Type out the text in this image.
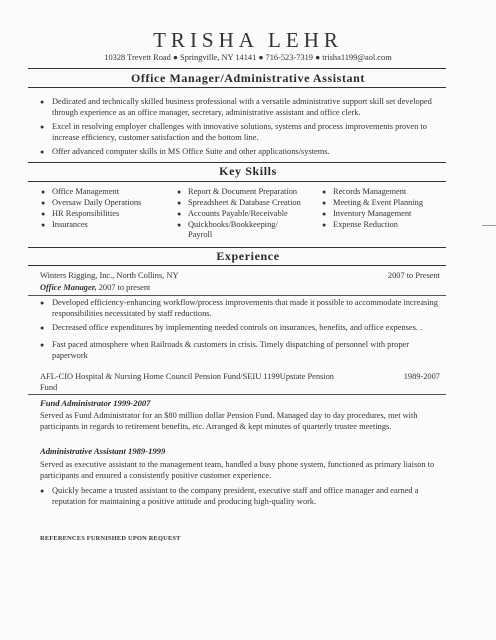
TRISHA LEHR
10328 Trevett Road ● Springville, NY 14141 ● 716-523-7319 ● trisha1199@aol.com
Office Manager/Administrative Assistant
● Dedicated and technically skilled business professional with a versatile administrative support skill set developed through experience as an office manager, secretary, administrative assistant and office clerk.
● Excel in resolving employer challenges with innovative solutions, systems and process improvements proven to increase efficiency, customer satisfaction and the bottom line.
● Offer advanced computer skills in MS Office Suite and other applications/systems.
Key Skills
● Office Management
● Oversaw Daily Operations
● HR Responsibilities
● Insurances
● Report & Document Preparation
● Spreadsheet & Database Creation
● Accounts Payable/Receivable
● Quickbooks/Bookkeeping/ Payroll
● Records Management
● Meeting & Event Planning
● Inventory Management
● Expense Reduction
Experience
Winters Rigging, Inc., North Collins, NY	2007 to Present
Office Manager, 2007 to present
● Developed efficiency-enhancing workflow/process improvements that made it possible to accommodate increasing responsibilities necessitated by staff reductions.
● Decreased office expenditures by implementing needed controls on insurances, benefits, and office expenses. .
● Fast paced atmosphere when Railroads & customers in crisis. Timely dispatching of personnel with proper paperwork
AFL-CIO Hospital & Nursing Home Council Pension Fund/SEIU 1199Upstate Pension Fund
1989-2007
Fund Administrator 1999-2007
Served as Fund Administrator for an $80 million dollar Pension Fund. Managed day to day procedures, met with participants in regards to retirement benefits, etc. Arranged & kept minutes of quarterly trustee meetings.
Administrative Assistant 1989-1999
Served as executive assistant to the management team, handled a busy phone system, functioned as primary liaison to participants and ensured a consistently positive customer experience.
● Quickly became a trusted assistant to the company president, executive staff and office manager and earned a reputation for maintaining a positive attitude and producing high-quality work.
REFERENCES FURNISHED UPON REQUEST
